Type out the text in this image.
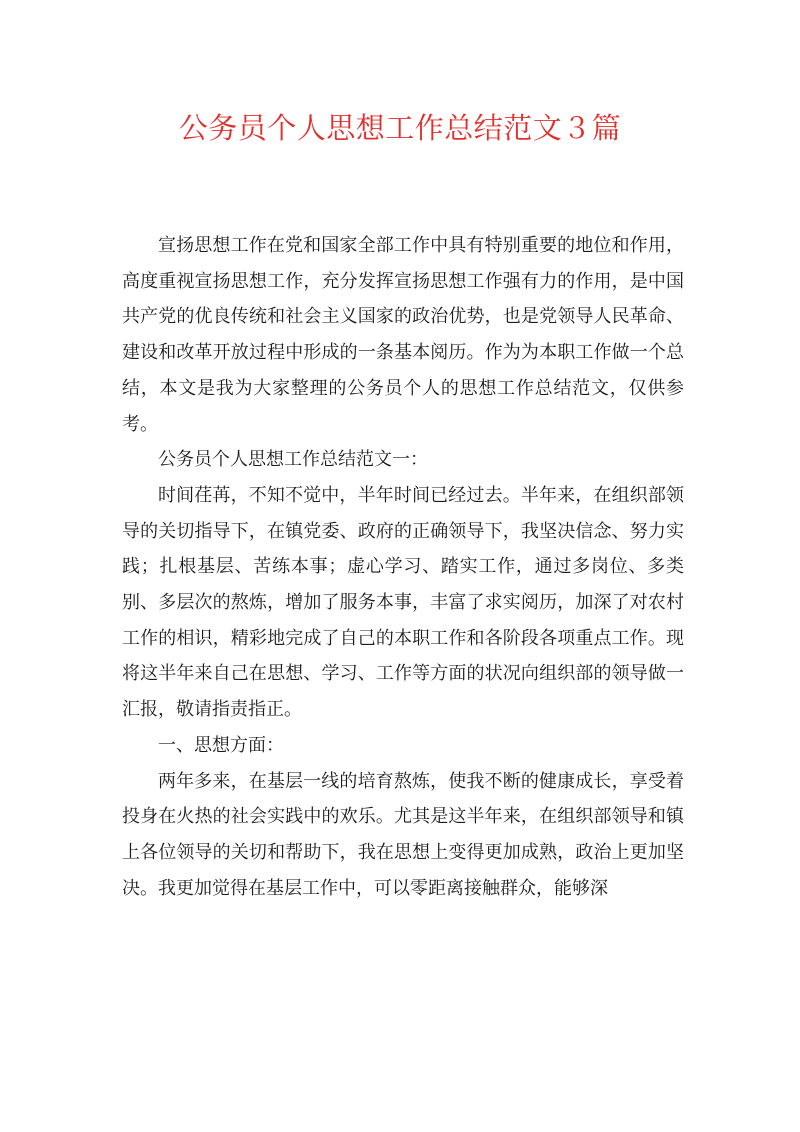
公务员个人思想工作总结范文３篇

宣扬思想工作在党和国家全部工作中具有特别重要的地位和作用，高度重视宣扬思想工作，充分发挥宣扬思想工作强有力的作用，是中国共产党的优良传统和社会主义国家的政治优势，也是党领导人民革命、建设和改革开放过程中形成的一条基本阅历。作为为本职工作做一个总结，本文是我为大家整理的公务员个人的思想工作总结范文，仅供参考。

公务员个人思想工作总结范文一：

时间荏苒，不知不觉中，半年时间已经过去。半年来，在组织部领导的关切指导下，在镇党委、政府的正确领导下，我坚决信念、努力实践；扎根基层、苦练本事；虚心学习、踏实工作，通过多岗位、多类别、多层次的熬炼，增加了服务本事，丰富了求实阅历，加深了对农村工作的相识，精彩地完成了自己的本职工作和各阶段各项重点工作。现将这半年来自己在思想、学习、工作等方面的状况向组织部的领导做一汇报，敬请指责指正。

一、思想方面：

两年多来，在基层一线的培育熬炼，使我不断的健康成长，享受着投身在火热的社会实践中的欢乐。尤其是这半年来，在组织部领导和镇上各位领导的关切和帮助下，我在思想上变得更加成熟，政治上更加坚决。我更加觉得在基层工作中，可以零距离接触群众，能够深
